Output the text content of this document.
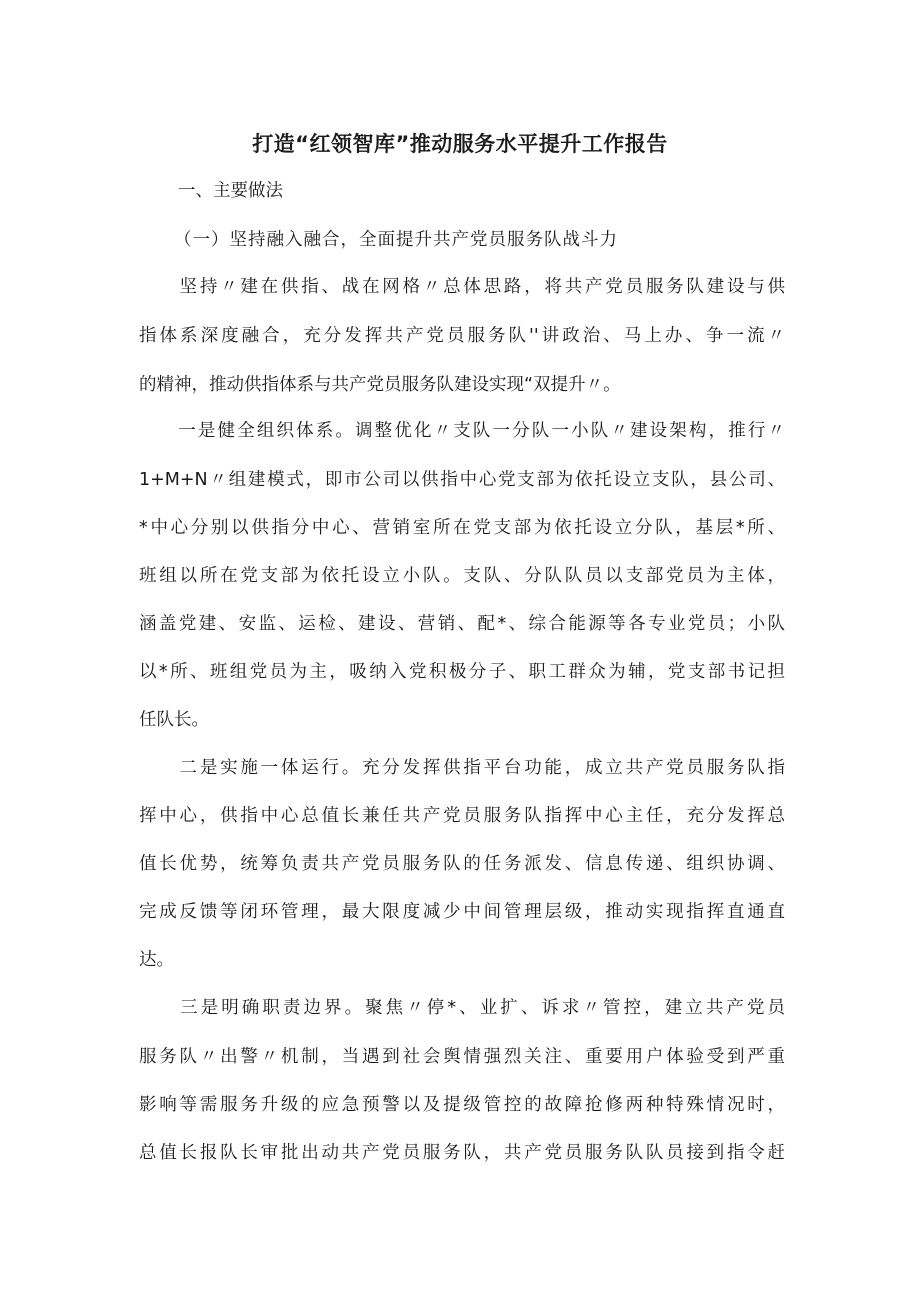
打造“红领智库”推动服务水平提升工作报告
一、主要做法
（一）坚持融入融合，全面提升共产党员服务队战斗力
　　坚持〃建在供指、战在网格〃总体思路，将共产党员服务队建设与供
指体系深度融合，充分发挥共产党员服务队''讲政治、马上办、争一流〃
的精神，推动供指体系与共产党员服务队建设实现“双提升〃。
　　一是健全组织体系。调整优化〃支队一分队一小队〃建设架构，推行〃
1+M+N〃组建模式，即市公司以供指中心党支部为依托设立支队，县公司、
*中心分别以供指分中心、营销室所在党支部为依托设立分队，基层*所、
班组以所在党支部为依托设立小队。支队、分队队员以支部党员为主体，
涵盖党建、安监、运检、建设、营销、配*、综合能源等各专业党员；小队
以*所、班组党员为主，吸纳入党积极分子、职工群众为辅，党支部书记担
任队长。
　　二是实施一体运行。充分发挥供指平台功能，成立共产党员服务队指
挥中心，供指中心总值长兼任共产党员服务队指挥中心主任，充分发挥总
值长优势，统筹负责共产党员服务队的任务派发、信息传递、组织协调、
完成反馈等闭环管理，最大限度减少中间管理层级，推动实现指挥直通直
达。
　　三是明确职责边界。聚焦〃停*、业扩、诉求〃管控，建立共产党员
服务队〃出警〃机制，当遇到社会舆情强烈关注、重要用户体验受到严重
影响等需服务升级的应急预警以及提级管控的故障抢修两种特殊情况时，
总值长报队长审批出动共产党员服务队，共产党员服务队队员接到指令赶
